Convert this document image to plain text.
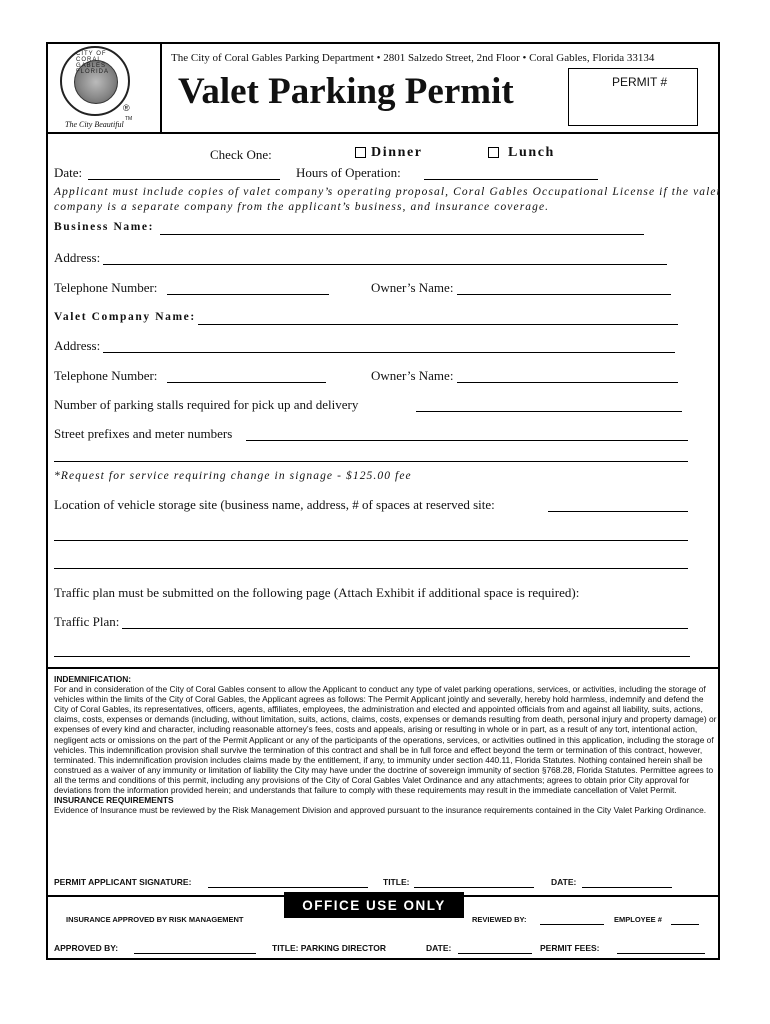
CITY OF CORAL GABLES FLORIDA
®
TM
The City Beautiful
The City of Coral Gables Parking Department • 2801 Salzedo Street, 2nd Floor • Coral Gables, Florida 33134
Valet Parking Permit	PERMIT #
Check One:	Dinner	Lunch
Date:	Hours of Operation:
Applicant must include copies of valet company’s operating proposal, Coral Gables Occupational License if the valet
company is a separate company from the applicant’s business, and insurance coverage.
Business Name:
Address:
Telephone Number:	Owner’s Name:
Valet Company Name:
Address:
Telephone Number:	Owner’s Name:
Number of parking stalls required for pick up and delivery
Street prefixes and meter numbers
*Request for service requiring change in signage - $125.00 fee
Location of vehicle storage site (business name, address, # of spaces at reserved site:
Traffic plan must be submitted on the following page (Attach Exhibit if additional space is required):
Traffic Plan:

INDEMNIFICATION:

For and in consideration of the City of Coral Gables consent to allow the Applicant to conduct any type of valet parking operations, services, or activities, including the storage of vehicles within the limits of the City of Coral Gables, the Applicant agrees as follows: The Permit Applicant jointly and severally, hereby hold harmless, indemnify and defend the City of Coral Gables, its representatives, officers, agents, affiliates, employees, the administration and elected and appointed officials from and against all liability, suits, actions, claims, costs, expenses or demands (including, without limitation, suits, actions, claims, costs, expenses or demands resulting from death, personal injury and property damage) or expenses of every kind and character, including reasonable attorney’s fees, costs and appeals, arising or resulting in whole or in part, as a result of any tort, intentional action, negligent acts or omissions on the part of the Permit Applicant or any of the participants of the operations, services, or activities outlined in this application, including the storage of vehicles. This indemnification provision shall survive the termination of this contract and shall be in full force and effect beyond the term or termination of this contract, however, terminated. This indemnification provision includes claims made by the entitlement, if any, to immunity under section 440.11, Florida Statutes. Nothing contained herein shall be construed as a waiver of any immunity or limitation of liability the City may have under the doctrine of sovereign immunity of section §768.28, Florida Statutes. Permittee agrees to all the terms and conditions of this permit, including any provisions of the City of Coral Gables Valet Ordinance and any attachments; agrees to obtain prior City approval for deviations from the information provided herein; and understands that failure to comply with these requirements may result in the immediate cancellation of Valet Permit.

INSURANCE REQUIREMENTS

Evidence of Insurance must be reviewed by the Risk Management Division and approved pursuant to the insurance requirements contained in the City Valet Parking Ordinance.

PERMIT APPLICANT SIGNATURE:	TITLE:	DATE:
OFFICE USE ONLY
INSURANCE APPROVED BY RISK MANAGEMENT	REVIEWED BY:	EMPLOYEE #
APPROVED BY:	TITLE: PARKING DIRECTOR	DATE:	PERMIT FEES:
